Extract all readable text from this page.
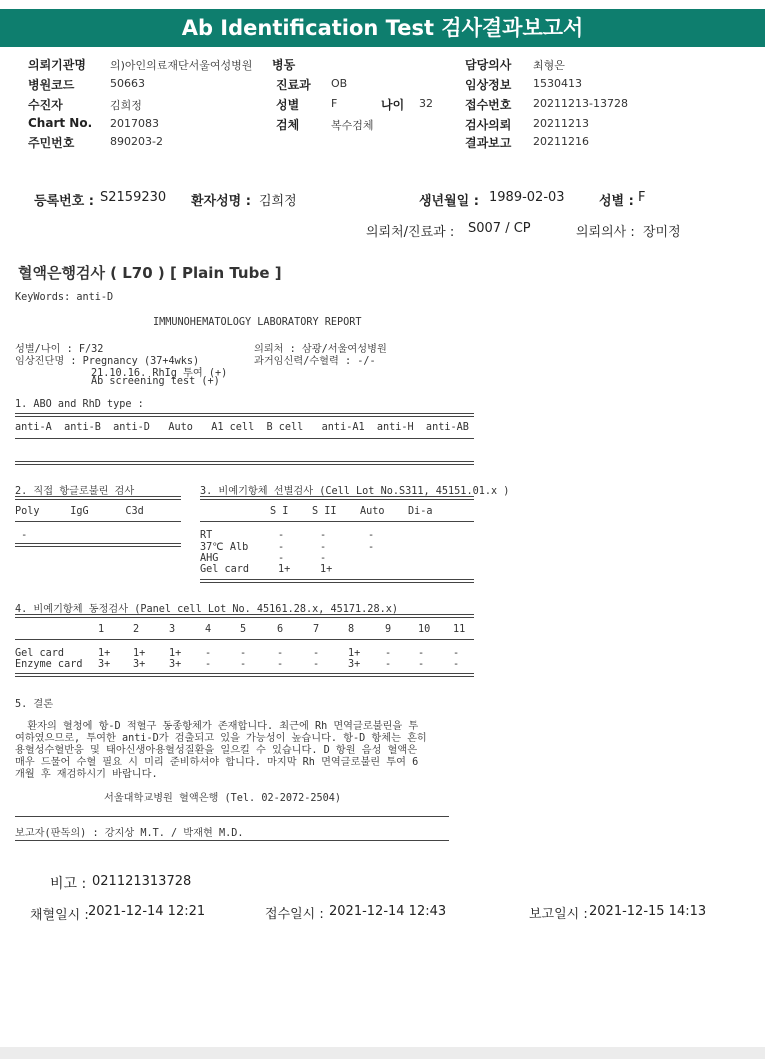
Ab Identification Test 검사결과보고서
의뢰기관명 의)아인의료재단서울여성병원 병동	담당의사 최형은
병원코드	50663	진료과 OB	임상정보 1530413
수진자	김희정	성별	F	나이 32	접수번호 20211213-13728
Chart No. 2017083	검체	복수검체	검사의뢰 20211213
주민번호	890203-2	결과보고 20211216
등록번호 : S2159230 환자성명 : 김희정	생년월일 : 1989-02-03	성별 : F
의뢰처/진료과 : S007 / CP	의뢰의사 : 장미정
혈액은행검사 ( L70 ) [ Plain Tube ]
KeyWords: anti-D
IMMUNOHEMATOLOGY LABORATORY REPORT
성별/나이 : F/32
임상진단명 : Pregnancy (37+4wks)
21.10.16. RhIg 투여 (+)
Ab screening test (+)
의뢰처 : 삼광/서울여성병원
과거임신력/수혈력 : -/-
1. ABO and RhD type :
anti-A  anti-B  anti-D   Auto   A1 cell  B cell   anti-A1  anti-H  anti-AB
2. 직접 항글로불린 검사
Poly     IgG      C3d
-
3. 비예기항체 선별검사 (Cell Lot No.S311, 45151.01.x )
S I S II Auto Di-a
RT	-	-	-
37℃ Alb	-	-	-
AHG	-	-
Gel card	1+	1+
4. 비예기항체 동정검사 (Panel cell Lot No. 45161.28.x, 45171.28.x)
1	2	3	4	5	6	7	8	9	10 11
Gel card	1+ 1+ 1+ -	-	-	-	1+ -	-	-
Enzyme card 3+ 3+ 3+ -	-	-	-	3+ -	-	-
5. 결론
환자의 혈청에 항-D 적혈구 동종항체가 존재합니다. 최근에 Rh 면역글로불린을 투
여하였으므로, 투여한 anti-D가 검출되고 있을 가능성이 높습니다. 항-D 항체는 흔히
용혈성수혈반응 및 태아신생아용혈성질환을 일으킬 수 있습니다. D 항원 음성 혈액은
매우 드물어 수혈 필요 시 미리 준비하셔야 합니다. 마지막 Rh 면역글로불린 투여 6
개월 후 재검하시기 바랍니다.
서울대학교병원 혈액은행 (Tel. 02-2072-2504)
보고자(판독의) : 강지상 M.T. / 박재현 M.D.
비고 : 021121313728
채혈일시 : 2021-12-14 12:21	접수일시 : 2021-12-14 12:43	보고일시 : 2021-12-15 14:13
